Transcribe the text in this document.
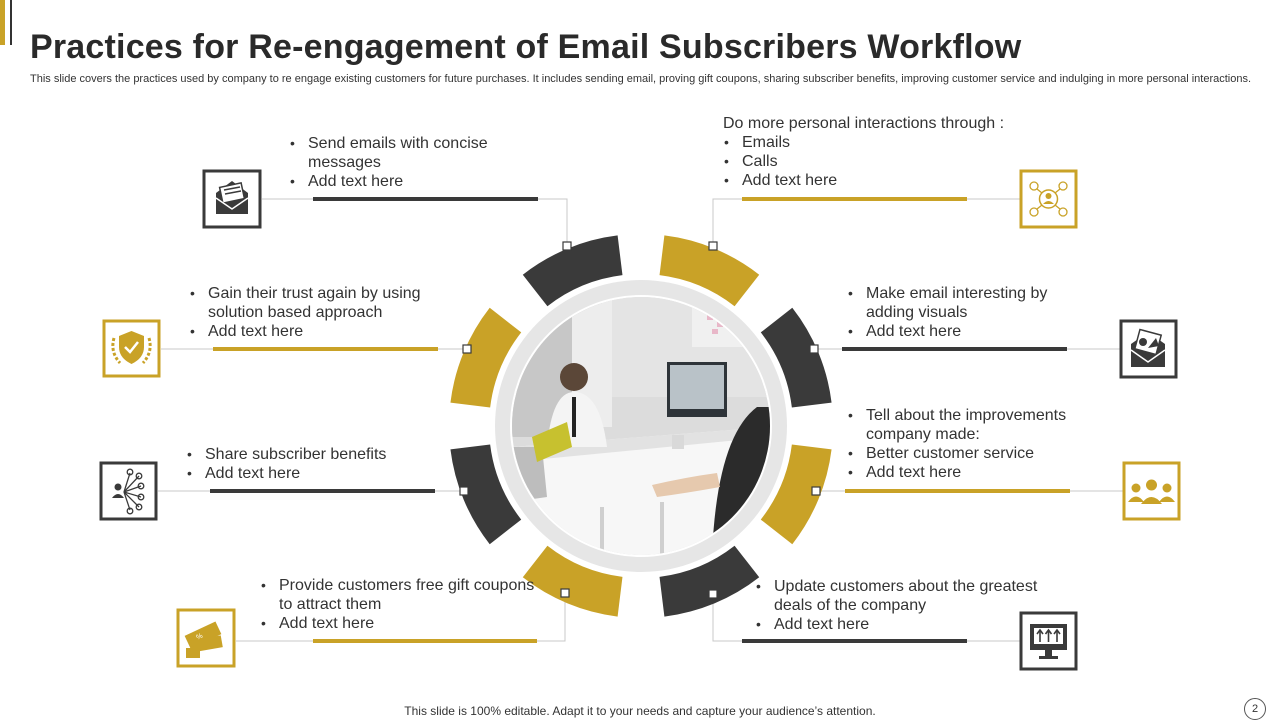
Practices for Re-engagement of Email Subscribers Workflow
This slide covers the practices used by company to re engage existing customers for future purchases. It includes sending email, proving gift coupons, sharing subscriber benefits, improving customer service and indulging in more personal interactions.
%
• Send emails with concise messages
• Add text here
• Gain their trust again by using solution based approach
• Add text here
• Share subscriber benefits
• Add text here
• Provide customers free gift coupons to attract them
• Add text here
Do more personal interactions through :
• Emails
• Calls
• Add text here
• Make email interesting by adding visuals
• Add text here
• Tell about the improvements company made:
• Better customer service
• Add text here
• Update customers about the greatest deals of the company
• Add text here
This slide is 100% editable. Adapt it to your needs and capture your audience’s attention.	2
